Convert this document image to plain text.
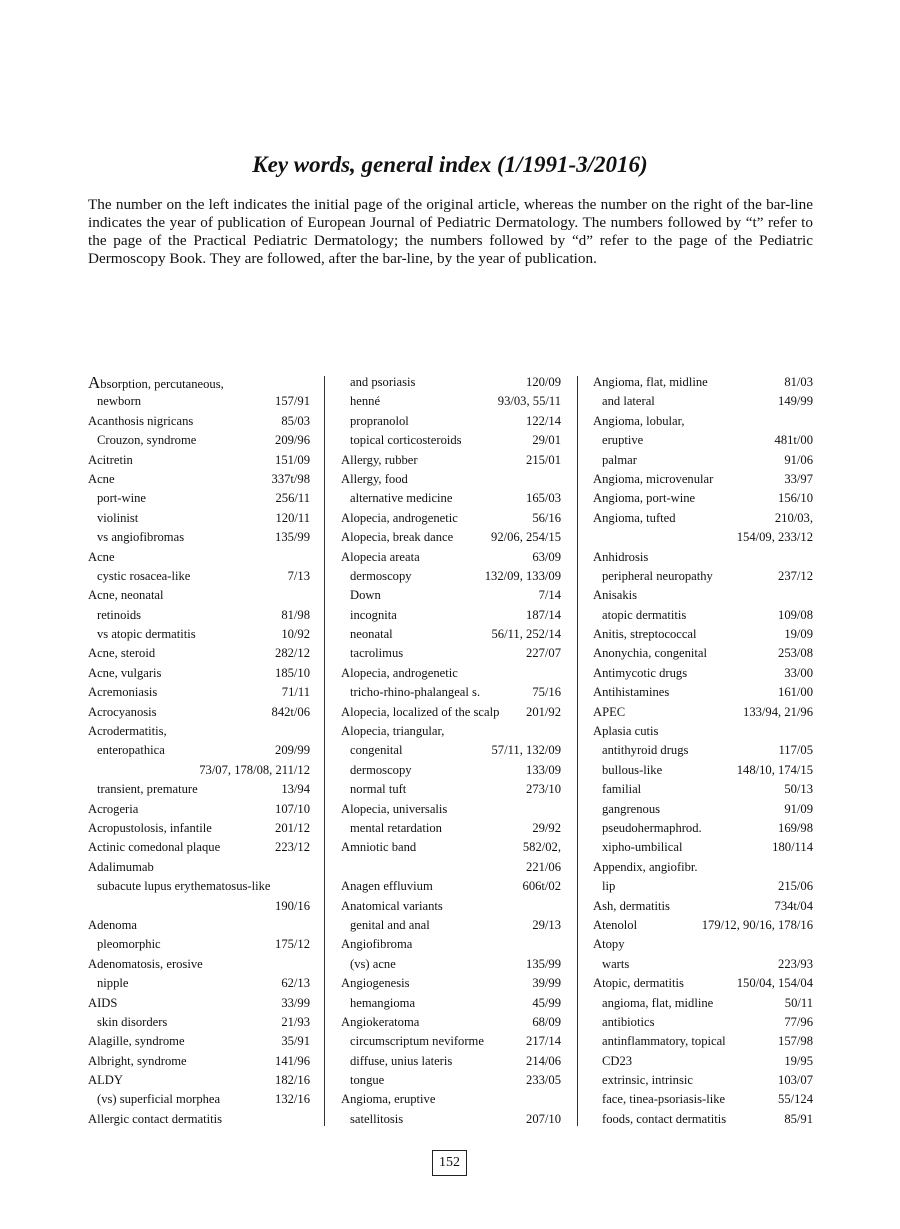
Key words, general index (1/1991-3/2016)

The number on the left indicates the initial page of the original article, whereas the number on the right of the bar-line indicates the year of publication of European Journal of Pediatric Dermatology. The numbers followed by “t” refer to the page of the Practical Pediatric Dermatology; the numbers followed by “d” refer to the page of the Pediatric Dermoscopy Book. They are followed, after the bar-line, by the year of publication.

Absorption, percutaneous,
newborn	157/91
Acanthosis nigricans	85/03
Crouzon, syndrome	209/96
Acitretin	151/09
Acne	337t/98
port-wine	256/11
violinist	120/11
vs angiofibromas	135/99
Acne
cystic rosacea-like	7/13
Acne, neonatal
retinoids	81/98
vs atopic dermatitis	10/92
Acne, steroid	282/12
Acne, vulgaris	185/10
Acremoniasis	71/11
Acrocyanosis	842t/06
Acrodermatitis,
enteropathica	209/99
73/07, 178/08, 211/12
transient, premature	13/94
Acrogeria	107/10
Acropustolosis, infantile	201/12
Actinic comedonal plaque	223/12
Adalimumab
subacute lupus erythematosus-like
190/16
Adenoma
pleomorphic	175/12
Adenomatosis, erosive
nipple	62/13
AIDS	33/99
skin disorders	21/93
Alagille, syndrome	35/91
Albright, syndrome	141/96
ALDY	182/16
(vs) superficial morphea	132/16
Allergic contact dermatitis
and psoriasis	120/09
henné	93/03, 55/11
propranolol	122/14
topical corticosteroids	29/01
Allergy, rubber	215/01
Allergy, food
alternative medicine	165/03
Alopecia, androgenetic	56/16
Alopecia, break dance	92/06, 254/15
Alopecia areata	63/09
dermoscopy	132/09, 133/09
Down	7/14
incognita	187/14
neonatal	56/11, 252/14
tacrolimus	227/07
Alopecia, androgenetic
tricho-rhino-phalangeal s.	75/16
Alopecia, localized of the scalp	201/92
Alopecia, triangular,
congenital	57/11, 132/09
dermoscopy	133/09
normal tuft	273/10
Alopecia, universalis
mental retardation	29/92
Amniotic band	582/02,
221/06
Anagen effluvium	606t/02
Anatomical variants
genital and anal	29/13
Angiofibroma
(vs) acne	135/99
Angiogenesis	39/99
hemangioma	45/99
Angiokeratoma	68/09
circumscriptum neviforme	217/14
diffuse, unius lateris	214/06
tongue	233/05
Angioma, eruptive
satellitosis	207/10
Angioma, flat, midline	81/03
and lateral	149/99
Angioma, lobular,
eruptive	481t/00
palmar	91/06
Angioma, microvenular	33/97
Angioma, port-wine	156/10
Angioma, tufted	210/03,
154/09, 233/12
Anhidrosis
peripheral neuropathy	237/12
Anisakis
atopic dermatitis	109/08
Anitis, streptococcal	19/09
Anonychia, congenital	253/08
Antimycotic drugs	33/00
Antihistamines	161/00
APEC	133/94, 21/96
Aplasia cutis
antithyroid drugs	117/05
bullous-like	148/10, 174/15
familial	50/13
gangrenous	91/09
pseudohermaphrod.	169/98
xipho-umbilical	180/114
Appendix, angiofibr.
lip	215/06
Ash, dermatitis	734t/04
Atenolol	179/12, 90/16, 178/16
Atopy
warts	223/93
Atopic, dermatitis	150/04, 154/04
angioma, flat, midline	50/11
antibiotics	77/96
antinflammatory, topical	157/98
CD23	19/95
extrinsic, intrinsic	103/07
face, tinea-psoriasis-like	55/124
foods, contact dermatitis	85/91
152
